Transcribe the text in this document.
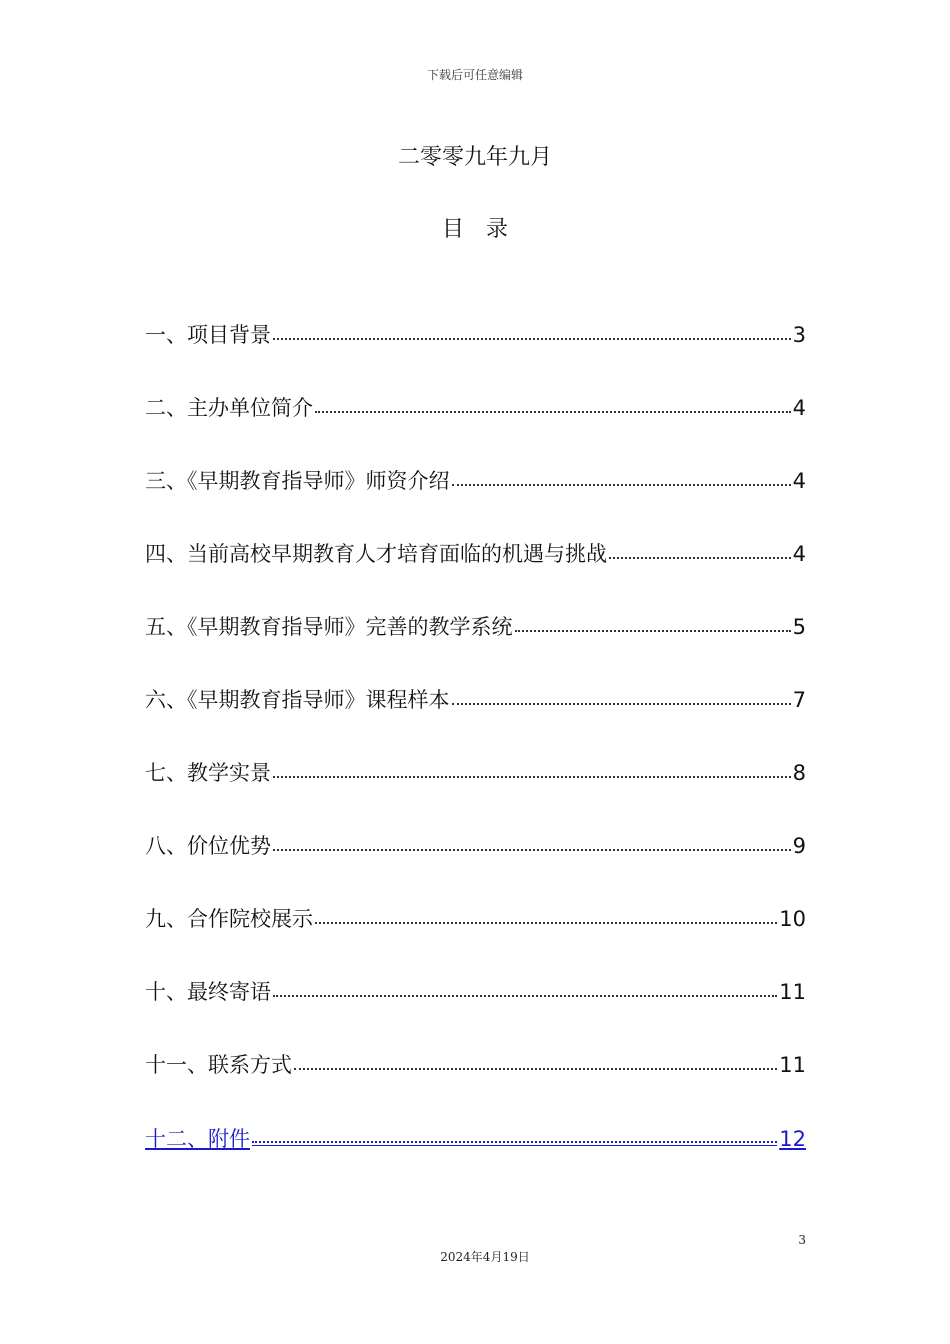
下载后可任意编辑
二零零九年九月
目录
一、项目背景	3
二、主办单位简介	4
三、《早期教育指导师》师资介绍	4
四、当前高校早期教育人才培育面临的机遇与挑战	4
五、《早期教育指导师》完善的教学系统	5
六、《早期教育指导师》课程样本	7
七、教学实景	8
八、价位优势	9
九、合作院校展示	10
十、最终寄语	11
十一、联系方式	11
十二、附件	12
3
2024年4月19日
